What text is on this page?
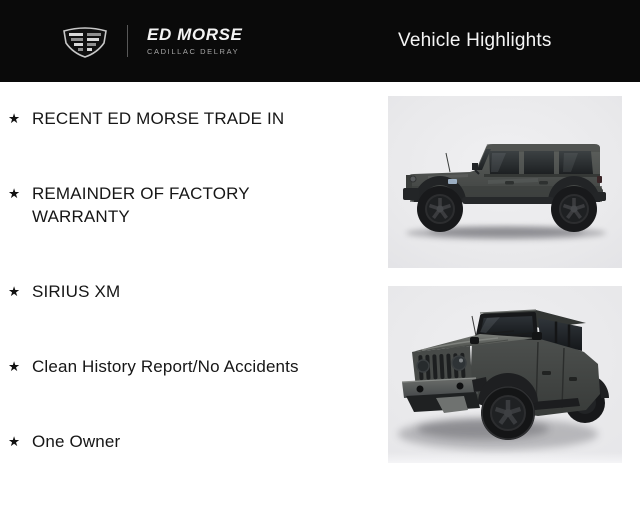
ED MORSE
CADILLAC DELRAY
Vehicle Highlights
★ RECENT ED MORSE TRADE IN
★ REMAINDER OF FACTORY WARRANTY
★ SIRIUS XM
★ Clean History Report/No Accidents
★ One Owner
